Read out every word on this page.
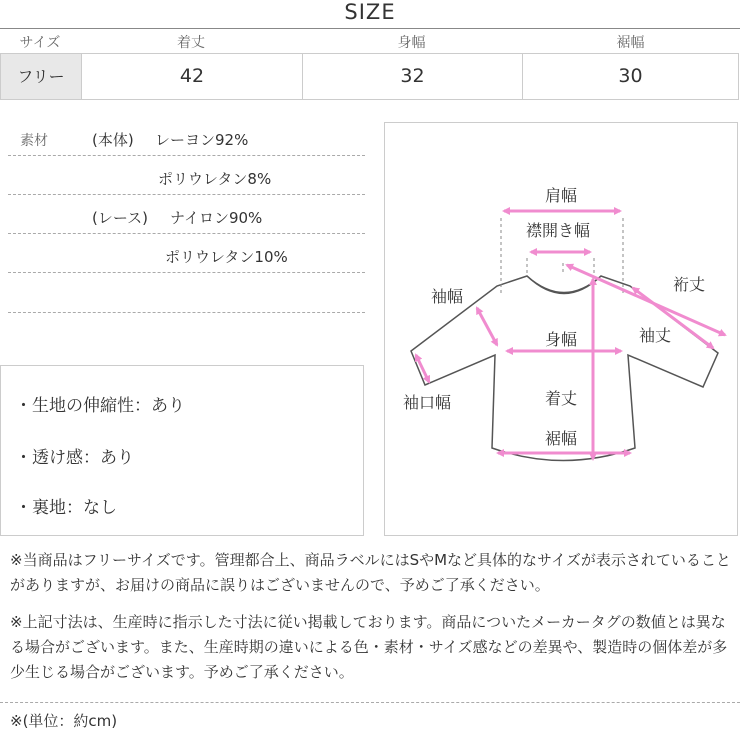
SIZE
サイズ	着丈	身幅	裾幅
フリー	42	32	30
素材	(本体) レーヨン92%
ポリウレタン8%
(レース) ナイロン90%
ポリウレタン10%
・生地の伸縮性：あり
・透け感：あり
・裏地：なし
肩幅
襟開き幅
裄丈
袖幅
袖丈
身幅
袖口幅	着丈
裾幅
※当商品はフリーサイズです。管理都合上、商品ラベルにはSやMなど具体的なサイズが表示されていることがありますが、お届けの商品に誤りはございませんので、予めご了承ください。
※上記寸法は、生産時に指示した寸法に従い掲載しております。商品についたメーカータグの数値とは異なる場合がございます。また、生産時期の違いによる色・素材・サイズ感などの差異や、製造時の個体差が多少生じる場合がございます。予めご了承ください。
※(単位：約cm)
